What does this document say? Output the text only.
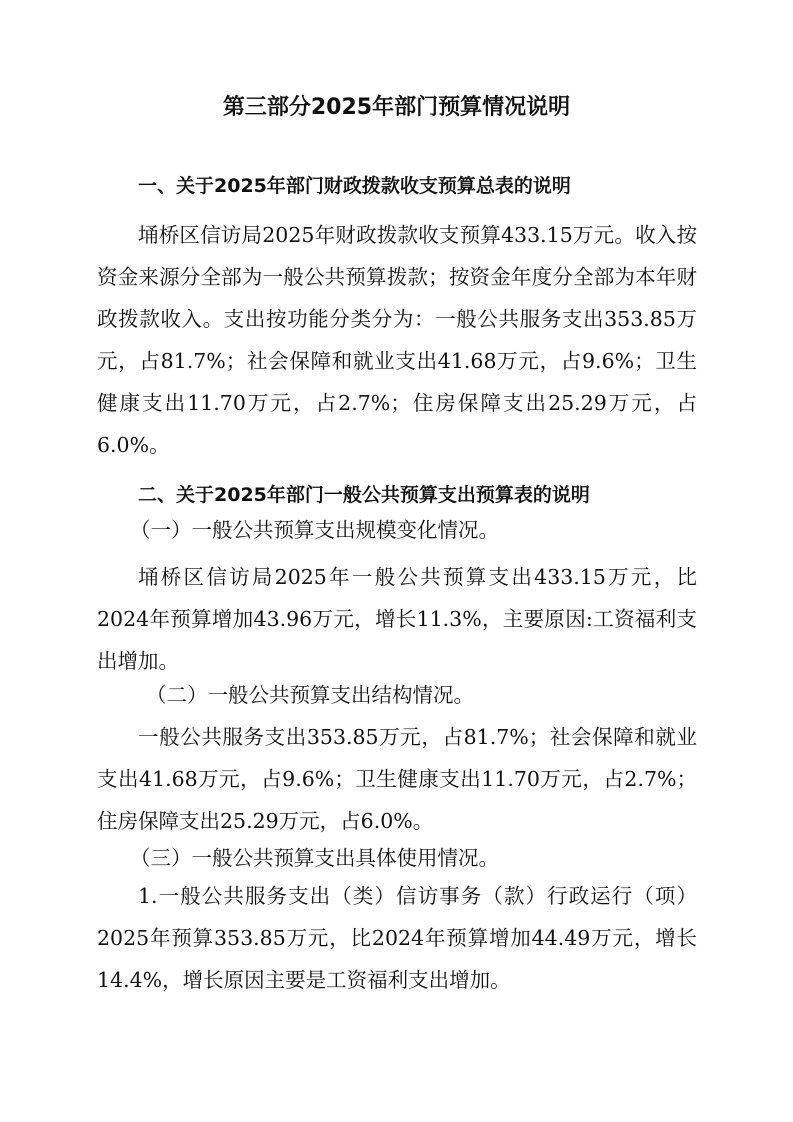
第三部分2025年部门预算情况说明
一、关于2025年部门财政拨款收支预算总表的说明

埇桥区信访局2025年财政拨款收支预算433.15万元。收入按资金来源分全部为一般公共预算拨款；按资金年度分全部为本年财政拨款收入。支出按功能分类分为：一般公共服务支出353.85万元，占81.7%；社会保障和就业支出41.68万元，占9.6%；卫生健康支出11.70万元，占2.7%；住房保障支出25.29万元，占6.0%。

二、关于2025年部门一般公共预算支出预算表的说明

（一）一般公共预算支出规模变化情况。

埇桥区信访局2025年一般公共预算支出433.15万元，比2024年预算增加43.96万元，增长11.3%，主要原因:工资福利支出增加。

（二）一般公共预算支出结构情况。

一般公共服务支出353.85万元，占81.7%；社会保障和就业支出41.68万元，占9.6%；卫生健康支出11.70万元，占2.7%；住房保障支出25.29万元，占6.0%。

（三）一般公共预算支出具体使用情况。

1.一般公共服务支出（类）信访事务（款）行政运行（项）2025年预算353.85万元，比2024年预算增加44.49万元，增长14.4%，增长原因主要是工资福利支出增加。
